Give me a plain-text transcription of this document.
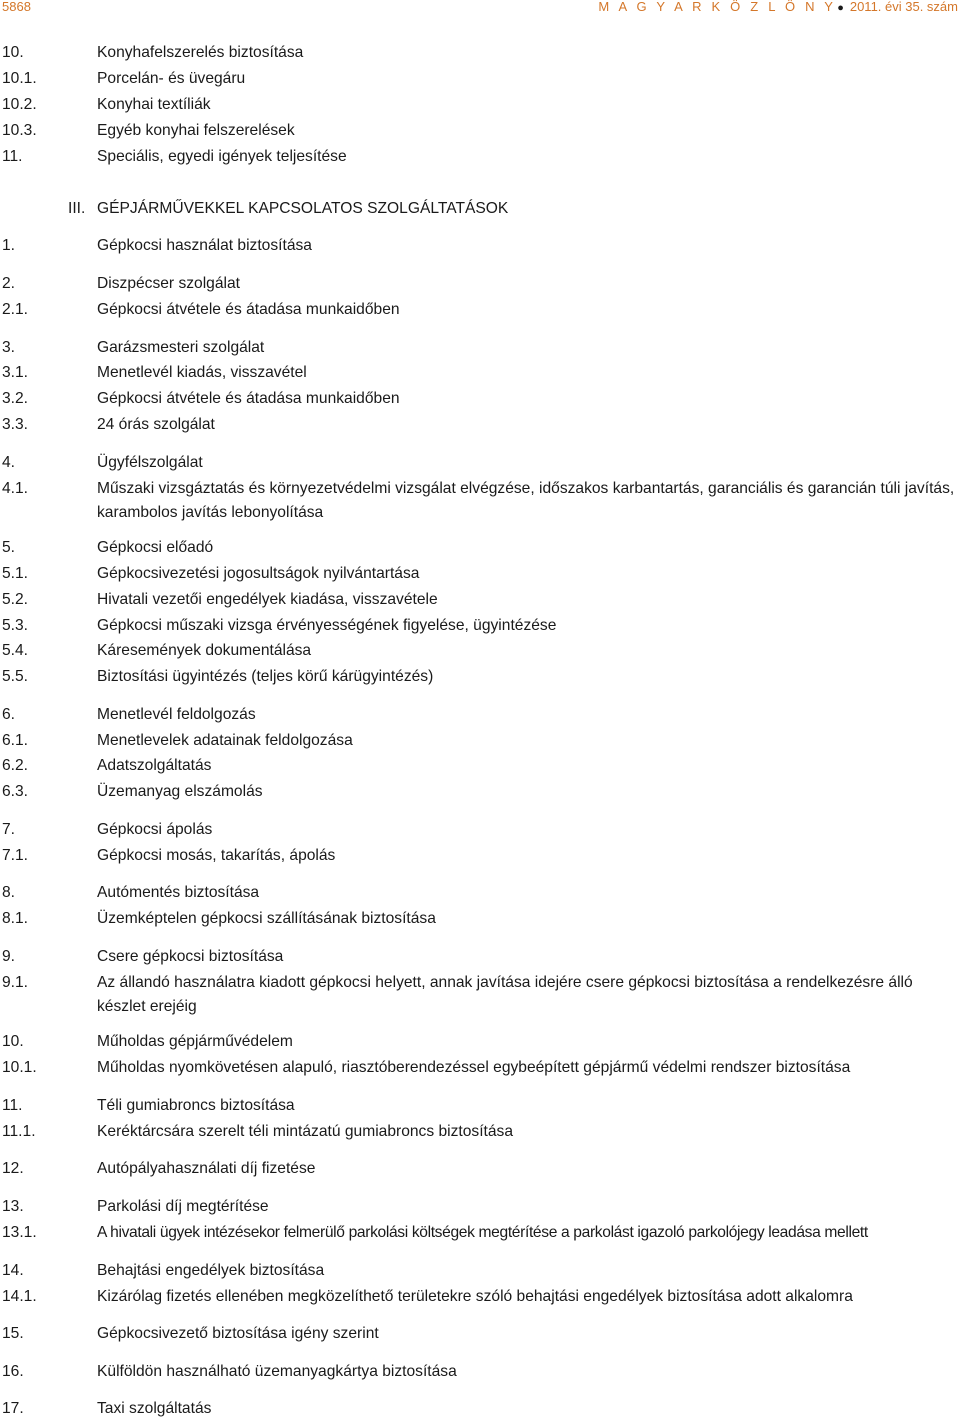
5868	M A G Y A R K Ö Z L Ö N Y● 2011. évi 35. szám
10.	Konyhafelszerelés biztosítása
10.1.	Porcelán- és üvegáru
10.2.	Konyhai textíliák
10.3.	Egyéb konyhai felszerelések
11.	Speciális, egyedi igények teljesítése
III. GÉPJÁRMŰVEKKEL KAPCSOLATOS SZOLGÁLTATÁSOK
1.	Gépkocsi használat biztosítása
2.	Diszpécser szolgálat
2.1.	Gépkocsi átvétele és átadása munkaidőben
3.	Garázsmesteri szolgálat
3.1.	Menetlevél kiadás, visszavétel
3.2.	Gépkocsi átvétele és átadása munkaidőben
3.3.	24 órás szolgálat
4.	Ügyfélszolgálat
4.1.	Műszaki vizsgáztatás és környezetvédelmi vizsgálat elvégzése, időszakos karbantartás, garanciális és garancián túli javítás, karambolos javítás lebonyolítása
5.	Gépkocsi előadó
5.1.	Gépkocsivezetési jogosultságok nyilvántartása
5.2.	Hivatali vezetői engedélyek kiadása, visszavétele
5.3.	Gépkocsi műszaki vizsga érvényességének figyelése, ügyintézése
5.4.	Káresemények dokumentálása
5.5.	Biztosítási ügyintézés (teljes körű kárügyintézés)
6.	Menetlevél feldolgozás
6.1.	Menetlevelek adatainak feldolgozása
6.2.	Adatszolgáltatás
6.3.	Üzemanyag elszámolás
7.	Gépkocsi ápolás
7.1.	Gépkocsi mosás, takarítás, ápolás
8.	Autómentés biztosítása
8.1.	Üzemképtelen gépkocsi szállításának biztosítása
9.	Csere gépkocsi biztosítása
9.1.	Az állandó használatra kiadott gépkocsi helyett, annak javítása idejére csere gépkocsi biztosítása a rendelkezésre álló készlet erejéig
10.	Műholdas gépjárművédelem
10.1.	Műholdas nyomkövetésen alapuló, riasztóberendezéssel egybeépített gépjármű védelmi rendszer biztosítása
11.	Téli gumiabroncs biztosítása
11.1.	Keréktárcsára szerelt téli mintázatú gumiabroncs biztosítása
12.	Autópályahasználati díj fizetése
13.	Parkolási díj megtérítése
13.1.	A hivatali ügyek intézésekor felmerülő parkolási költségek megtérítése a parkolást igazoló parkolójegy leadása mellett
14.	Behajtási engedélyek biztosítása
14.1.	Kizárólag fizetés ellenében megközelíthető területekre szóló behajtási engedélyek biztosítása adott alkalomra
15.	Gépkocsivezető biztosítása igény szerint
16.	Külföldön használható üzemanyagkártya biztosítása
17.	Taxi szolgáltatás
